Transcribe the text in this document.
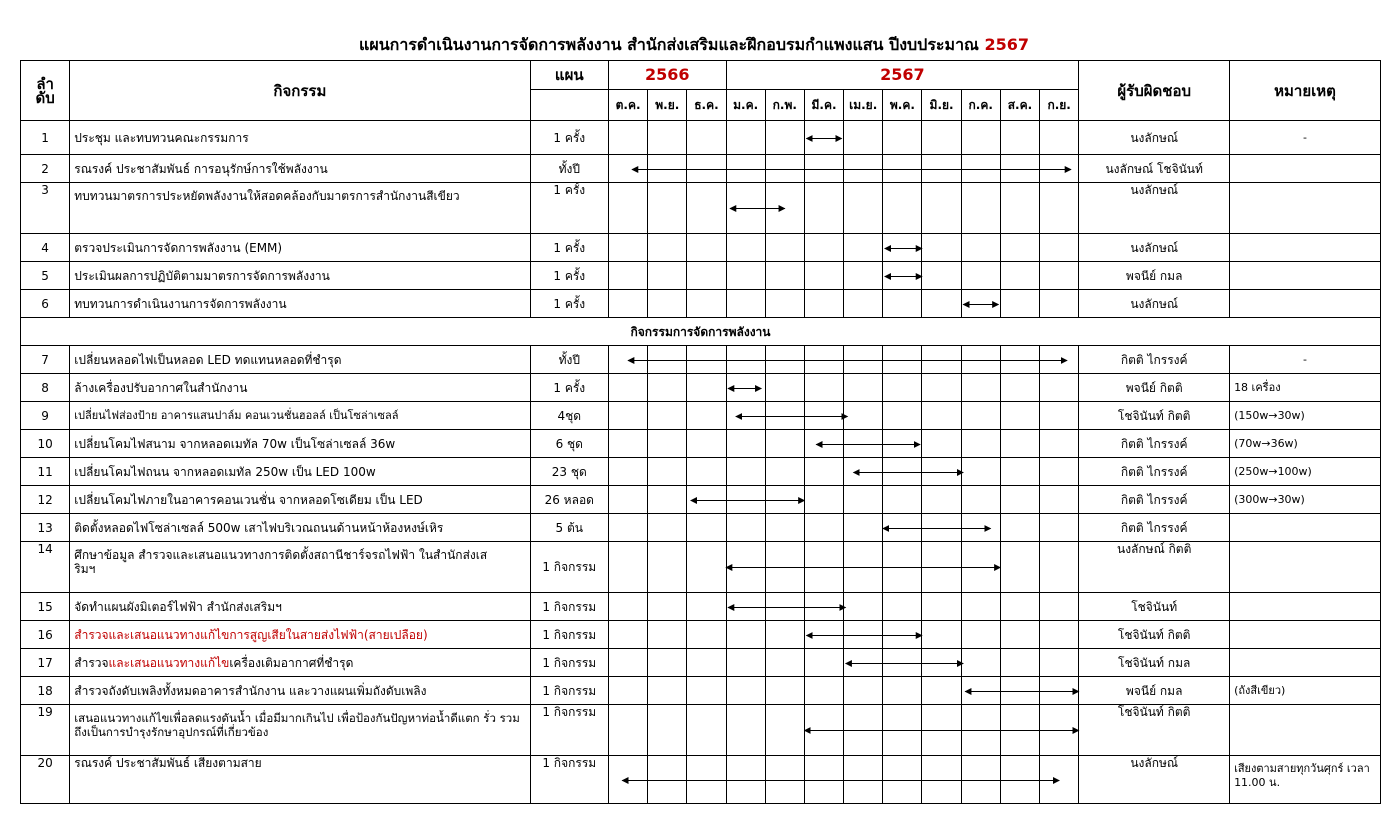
แผนการดำเนินงานการจัดการพลังงาน สำนักส่งเสริมและฝึกอบรมกำแพงแสน ปีงบประมาณ 2567
ลำ
ดับ	กิจกรรม	แผน	2566			2567									ผู้รับผิดชอบ	หมายเหตุ
			ต.ค.	พ.ย.	ธ.ค.	ม.ค.	ก.พ.	มี.ค.	เม.ย.	พ.ค.	มิ.ย.	ก.ค.	ส.ค.	ก.ย.		
1	ประชุม และทบทวนคณะกรรมการ	1 ครั้ง													นงลักษณ์	-
2	รณรงค์ ประชาสัมพันธ์ การอนุรักษ์การใช้พลังงาน	ทั้งปี													นงลักษณ์ โชจินันท์	
3	ทบทวนมาตรการประหยัดพลังงานให้สอดคล้องกับมาตรการสำนักงานสีเขียว	1 ครั้ง													นงลักษณ์	
4	ตรวจประเมินการจัดการพลังงาน (EMM)	1 ครั้ง													นงลักษณ์	
5	ประเมินผลการปฏิบัติตามมาตรการจัดการพลังงาน	1 ครั้ง													พจนีย์ กมล	
6	ทบทวนการดำเนินงานการจัดการพลังงาน	1 ครั้ง													นงลักษณ์	
กิจกรรมการจัดการพลังงาน																
7	เปลี่ยนหลอดไฟเป็นหลอด LED ทดแทนหลอดที่ชำรุด	ทั้งปี													กิตติ ไกรรงค์	-
8	ล้างเครื่องปรับอากาศในสำนักงาน	1 ครั้ง													พจนีย์ กิตติ	18 เครื่อง
9	เปลี่ยนไฟส่องป้าย อาคารแสนปาล์ม คอนเวนชั่นฮอลล์ เป็นโซล่าเซลล์	4ชุด													โชจินันท์ กิตติ	(150w→30w)
10	เปลี่ยนโคมไฟสนาม จากหลอดเมทัล 70w เป็นโซล่าเซลล์ 36w	6 ชุด													กิตติ ไกรรงค์	(70w→36w)
11	เปลี่ยนโคมไฟถนน จากหลอดเมทัล 250w เป็น LED 100w	23 ชุด													กิตติ ไกรรงค์	(250w→100w)
12	เปลี่ยนโคมไฟภายในอาคารคอนเวนชั่น จากหลอดโซเดียม เป็น LED	26 หลอด													กิตติ ไกรรงค์	(300w→30w)
13	ติดตั้งหลอดไฟโซล่าเซลล์ 500w เสาไฟบริเวณถนนด้านหน้าห้องหงษ์เหิร	5 ต้น													กิตติ ไกรรงค์	
14	ศึกษาข้อมูล สำรวจและเสนอแนวทางการติดตั้งสถานีชาร์จรถไฟฟ้า ในสำนักส่งเสริมฯ	1 กิจกรรม													นงลักษณ์ กิตติ	
15	จัดทำแผนผังมิเตอร์ไฟฟ้า สำนักส่งเสริมฯ	1 กิจกรรม													โชจินันท์	
16	สำรวจและเสนอแนวทางแก้ไขการสูญเสียในสายส่งไฟฟ้า(สายเปลือย)	1 กิจกรรม													โชจินันท์ กิตติ	
17	สำรวจและเสนอแนวทางแก้ไขเครื่องเติมอากาศที่ชำรุด	1 กิจกรรม													โชจินันท์ กมล	
18	สำรวจถังดับเพลิงทั้งหมดอาคารสำนักงาน และวางแผนเพิ่มถังดับเพลิง	1 กิจกรรม													พจนีย์ กมล	(ถังสีเขียว)
19	เสนอแนวทางแก้ไขเพื่อลดแรงดันน้ำ เมื่อมีมากเกินไป เพื่อป้องกันปัญหาท่อน้ำดีแตก รั่ว รวมถึงเป็นการบำรุงรักษาอุปกรณ์ที่เกี่ยวข้อง	1 กิจกรรม													โชจินันท์ กิตติ	
20	รณรงค์ ประชาสัมพันธ์ เสียงตามสาย	1 กิจกรรม													นงลักษณ์	เสียงตามสายทุกวันศุกร์ เวลา 11.00 น.
